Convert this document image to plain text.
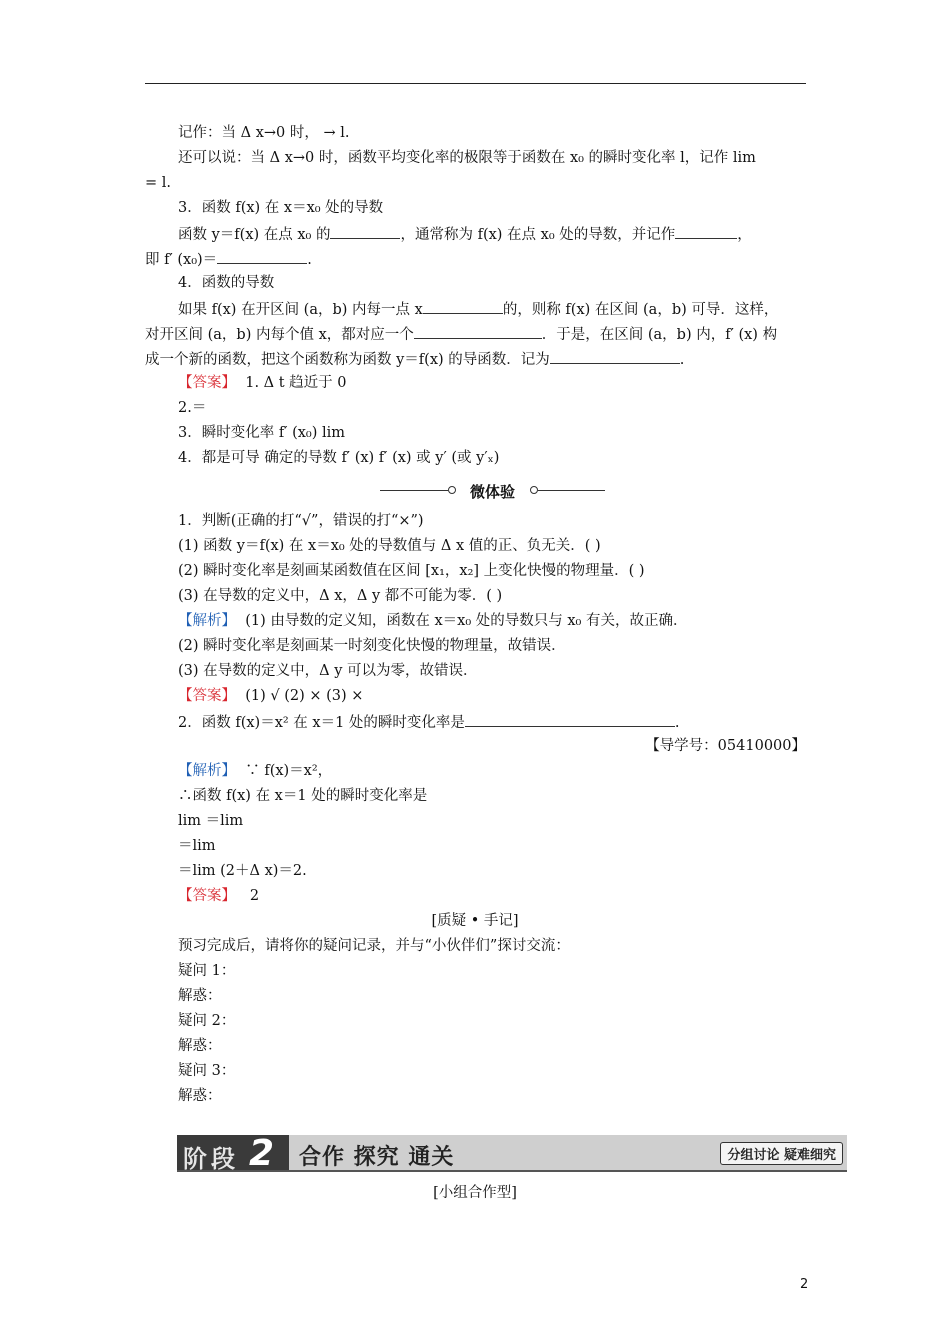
记作：当 Δ x→0 时， → l.
还可以说：当 Δ x→0 时，函数平均变化率的极限等于函数在 x₀ 的瞬时变化率 l，记作 lim
= l.
3．函数 f(x) 在 x＝x₀ 处的导数
函数 y＝f(x) 在点 x₀ 的	，通常称为 f(x) 在点 x₀ 处的导数，并记作	，
即 f′ (x₀)＝	.
4．函数的导数
如果 f(x) 在开区间 (a，b) 内每一点 x	的，则称 f(x) 在区间 (a，b) 可导．这样，
对开区间 (a，b) 内每个值 x，都对应一个	．于是，在区间 (a，b) 内，f′ (x) 构
成一个新的函数，把这个函数称为函数 y＝f(x) 的导函数．记为	.
【答案】 1. Δ t 趋近于 0
2.＝
3．瞬时变化率 f′ (x₀) lim
4．都是可导 确定的导数 f′ (x) f′ (x) 或 y′ (或 y′ₓ)
微体验
1．判断(正确的打“√”，错误的打“×”)
(1) 函数 y＝f(x) 在 x＝x₀ 处的导数值与 Δ x 值的正、负无关．( )
(2) 瞬时变化率是刻画某函数值在区间 [x₁，x₂] 上变化快慢的物理量．( )
(3) 在导数的定义中，Δ x，Δ y 都不可能为零．( )
【解析】 (1) 由导数的定义知，函数在 x＝x₀ 处的导数只与 x₀ 有关，故正确．
(2) 瞬时变化率是刻画某一时刻变化快慢的物理量，故错误．
(3) 在导数的定义中，Δ y 可以为零，故错误．
【答案】 (1) √ (2) × (3) ×
2．函数 f(x)＝x² 在 x＝1 处的瞬时变化率是	.
【导学号：05410000】
【解析】 ∵ f(x)＝x²，
∴函数 f(x) 在 x＝1 处的瞬时变化率是
lim ＝lim
＝lim
＝lim (2＋Δ x)＝2.
【答案】 2
[质疑 • 手记]
预习完成后，请将你的疑问记录，并与“小伙伴们”探讨交流：
疑问 1：
解惑：
疑问 2：
解惑：
疑问 3：
解惑：
阶段 2 合作 探究 通关	分组讨论 疑难细究
[小组合作型]
2
